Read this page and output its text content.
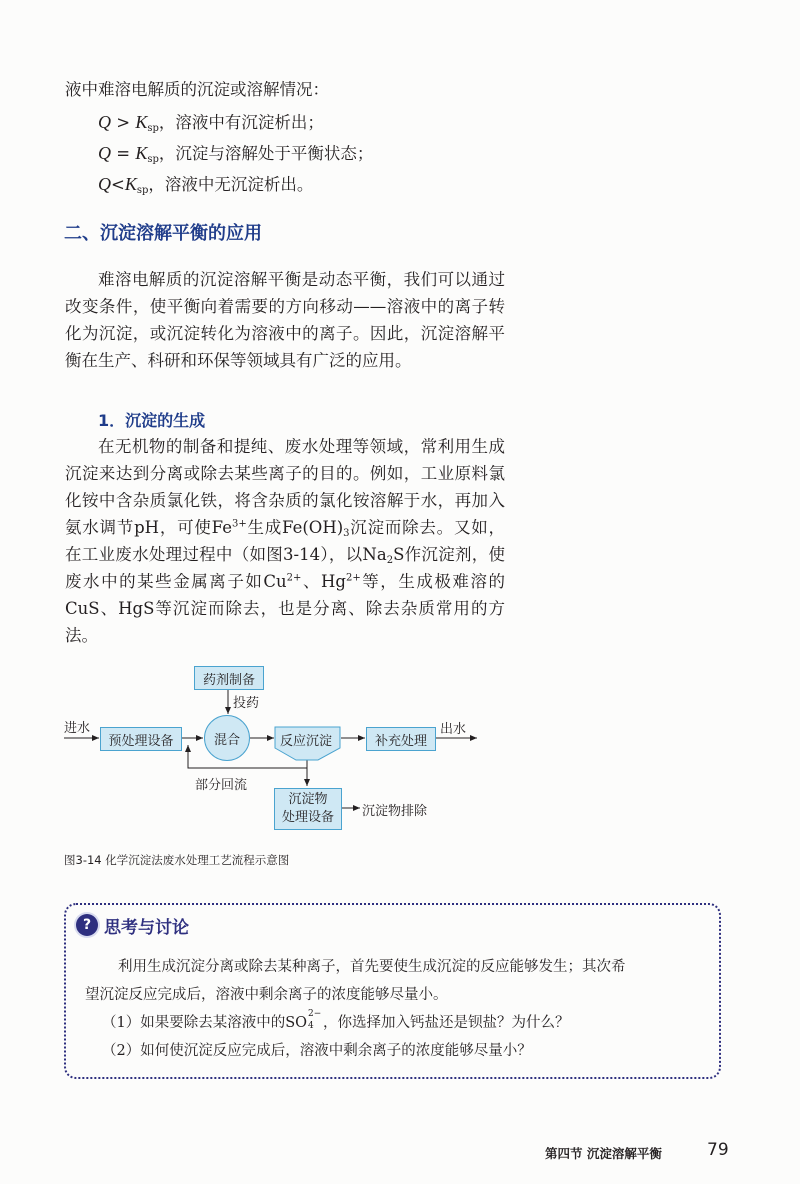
液中难溶电解质的沉淀或溶解情况：
$Q > K_{sp}$，溶液中有沉淀析出；
$Q = K_{sp}$，沉淀与溶解处于平衡状态；
$Q<K_{sp}$，溶液中无沉淀析出。
二、沉淀溶解平衡的应用
难溶电解质的沉淀溶解平衡是动态平衡，我们可以通过改变条件，使平衡向着需要的方向移动——溶液中的离子转化为沉淀，或沉淀转化为溶液中的离子。因此，沉淀溶解平衡在生产、科研和环保等领域具有广泛的应用。
1．沉淀的生成
在无机物的制备和提纯、废水处理等领域，常利用生成沉淀来达到分离或除去某些离子的目的。例如，工业原料氯化铵中含杂质氯化铁，将含杂质的氯化铵溶解于水，再加入氨水调节pH，可使$Fe^{3+}$生成$Fe(OH)_3$沉淀而除去。又如，在工业废水处理过程中（如图3-14），以$Na_2S$作沉淀剂，使废水中的某些金属离子如$Cu^{2+}$、$Hg^{2+}$等，生成极难溶的CuS、HgS等沉淀而除去，也是分离、除去杂质常用的方法。
药剂制备
投药
进水
预处理设备	混合	反应沉淀	补充处理
出水
部分回流
沉淀物
处理设备 沉淀物排除
图3-14 化学沉淀法废水处理工艺流程示意图
? 思考与讨论
利用生成沉淀分离或除去某种离子，首先要使生成沉淀的反应能够发生；其次希
望沉淀反应完成后，溶液中剩余离子的浓度能够尽量小。
（1）如果要除去某溶液中的SO
2−
4 ，你选择加入钙盐还是钡盐？为什么？
（2）如何使沉淀反应完成后，溶液中剩余离子的浓度能够尽量小？
第四节 沉淀溶解平衡	79
